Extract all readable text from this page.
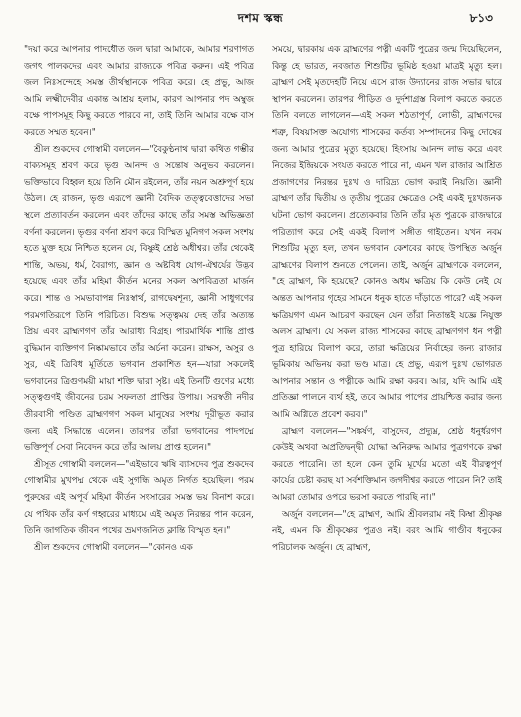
দশম স্কন্ধ	৮১৩

"দয়া করে আপনার পাদধৌত জল দ্বারা আমাকে, আমার শরণাগত জগৎ পালকদের এবং আমার রাজ্যকে পবিত্র করুন। এই পবিত্র জল নিঃসন্দেহে সমস্ত তীর্থস্থানকে পবিত্র করে। হে প্রভু, আজ আমি লক্ষ্মীদেবীর একান্ত আশ্রয় হলাম, কারণ আপনার পদ অম্বুজ বক্ষে পাপসমূহ কিছু করতে পারবে না, তাই তিনি আমার বক্ষে বাস করতে সম্মত হবেন।"

শ্রীল শুকদেব গোস্বামী বললেন—"বৈকুণ্ঠনাথ দ্বারা কথিত গম্ভীর বাক্যসমূহ শ্রবণ করে ভৃগু আনন্দ ও সন্তোষ অনুভব করলেন। ভক্তিভাবে বিহ্বল হয়ে তিনি মৌন রইলেন, তাঁর নয়ন অশ্রুপূর্ণ হয়ে উঠল। হে রাজন, ভৃগু এরূপে জ্ঞানী বৈদিক তত্ত্ববেত্তাদের সভা স্থলে প্রত্যাবর্তন করলেন এবং তাঁদের কাছে তাঁর সমস্ত অভিজ্ঞতা বর্ণনা করলেন। ভৃগুর বর্ণনা শ্রবণ করে বিস্মিত মুনিগণ সকল সংশয় হতে মুক্ত হয়ে নিশ্চিত হলেন যে, বিষ্ণুই শ্রেষ্ঠ অধীশ্বর। তাঁর থেকেই শান্তি, অভয়, ধর্ম, বৈরাগ্য, জ্ঞান ও অষ্টবিধ যোগ-ঐশ্বর্যের উদ্ভব হয়েছে এবং তাঁর মহিমা কীর্তন মনের সকল অপবিত্রতা মার্জন করে। শান্ত ও সমভাবাপন্ন নিঃস্বার্থ, রাগদ্বেষশূন্য, জ্ঞানী সাধুগণের পরমগতিরূপে তিনি পরিচিত। বিশুদ্ধ সত্ত্বময় দেহ তাঁর অত্যন্ত প্রিয় এবং ব্রাহ্মণগণ তাঁর আরাধ্য বিগ্রহ। পারমার্থিক শান্তি প্রাপ্ত বুদ্ধিমান ব্যক্তিগণ নিষ্কামভাবে তাঁর অর্চনা করেন। রাক্ষস, অসুর ও সুর, এই ত্রিবিধ মূর্তিতে ভগবান প্রকাশিত হন—যারা সকলেই ভগবানের ত্রিগুণময়ী মায়া শক্তি দ্বারা সৃষ্ট। এই তিনটি গুণের মধ্যে সত্ত্বগুণই জীবনের চরম সফলতা প্রাপ্তির উপায়। সরস্বতী নদীর তীরবাসী পণ্ডিত ব্রাহ্মণগণ সকল মানুষের সংশয় দূরীভূত করার জন্য এই সিদ্ধান্তে এলেন। তারপর তাঁরা ভগবানের পাদপদ্মে ভক্তিপূর্ণ সেবা নিবেদন করে তাঁর আলয় প্রাপ্ত হলেন।"

শ্রীসূত গোস্বামী বললেন—"এইভাবে ঋষি ব্যাসদেব পুত্র শুকদেব গোস্বামীর মুখপদ্ম থেকে এই সুগন্ধি অমৃত নির্গত হয়েছিল। পরম পুরুষের এই অপূর্ব মহিমা কীর্তন সংসারের সমস্ত ভয় বিনাশ করে। যে পথিক তাঁর কর্ণ গহ্বরের মাধ্যমে এই অমৃত নিরন্তর পান করেন, তিনি জাগতিক জীবন পথের ভ্রমণজনিত ক্লান্তি বিস্মৃত হন।"

শ্রীল শুকদেব গোস্বামী বললেন—"কোনও এক

সময়ে, দ্বারকায় এক ব্রাহ্মণের পত্নী একটি পুত্রের জন্ম দিয়েছিলেন, কিন্তু হে ভারত, নবজাত শিশুটির ভূমিষ্ঠ হওয়া মাত্রই মৃত্যু হল। ব্রাহ্মণ সেই মৃতদেহটি নিয়ে এসে রাজ উদ্যানের রাজ সভার দ্বারে স্থাপন করলেন। তারপর পীড়িত ও দুর্দশাগ্রস্ত বিলাপ করতে করতে তিনি বলতে লাগলেন—এই সকল শঠতাপূর্ণ, লোভী, ব্রাহ্মণদের শত্রু, বিষয়াসক্ত অযোগ্য শাসকের কর্তব্য সম্পাদনের কিছু দোষের জন্য আমার পুত্রের মৃত্যু হয়েছে। হিংসায় আনন্দ লাভ করে এবং নিজের ইন্দ্রিয়কে সংযত করতে পারে না, এমন খল রাজার আশ্রিত প্রজাগণের নিরন্তর দুঃখ ও দারিদ্র্য ভোগ করাই নিয়তি। জ্ঞানী ব্রাহ্মণ তাঁর দ্বিতীয় ও তৃতীয় পুত্রের ক্ষেত্রেও সেই একই দুঃখজনক ঘটনা ভোগ করলেন। প্রত্যেকবার তিনি তাঁর মৃত পুত্রকে রাজদ্বারে পরিত্যাগ করে সেই একই বিলাপ সঙ্গীত গাইতেন। যখন নবম শিশুটির মৃত্যু হল, তখন ভগবান কেশবের কাছে উপস্থিত অর্জুন ব্রাহ্মণের বিলাপ শুনতে পেলেন। তাই, অর্জুন ব্রাহ্মণকে বললেন, "হে ব্রাহ্মণ, কি হয়েছে? কোনও অধম ক্ষত্রিয় কি কেউ নেই যে অন্তত আপনার গৃহের সামনে ধনুক হাতে দাঁড়াতে পারে? এই সকল ক্ষত্রিয়গণ এমন আচরণ করছেন যেন তাঁরা নিতান্তই যজ্ঞে নিযুক্ত অলস ব্রাহ্মণ। যে সকল রাজ্য শাসকের কাছে ব্রাহ্মণগণ ধন পত্নী পুত্র হারিয়ে বিলাপ করে, তারা ক্ষত্রিয়ের নির্বাহের জন্য রাজার ভূমিকায় অভিনয় করা ভণ্ড মাত্র। হে প্রভু, এরূপ দুঃখ ভোগরত আপনার সন্তান ও পত্নীকে আমি রক্ষা করব। আর, যদি আমি এই প্রতিজ্ঞা পালনে ব্যর্থ হই, তবে আমার পাপের প্রায়শ্চিত্ত করার জন্য আমি অগ্নিতে প্রবেশ করব।"

ব্রাহ্মণ বললেন—"সঙ্কর্ষণ, বাসুদেব, প্রদ্যুম্ন, শ্রেষ্ঠ ধনুর্ধরগণ কেউই অথবা অপ্রতিদ্বন্দ্বী যোদ্ধা অনিরুদ্ধ আমার পুত্রগণকে রক্ষা করতে পারেনি। তা হলে কেন তুমি মূর্খের মতো এই বীরত্বপূর্ণ কার্যের চেষ্টা করছ যা সর্বশক্তিমান জগদীশ্বর করতে পারেন নি? তাই আমরা তোমার ওপরে ভরসা করতে পারছি না।"

অর্জুন বললেন—"হে ব্রাহ্মণ, আমি শ্রীবলরাম নই কিম্বা শ্রীকৃষ্ণ নই, এমন কি শ্রীকৃষ্ণের পুত্রও নই। বরং আমি গাণ্ডীব ধনুকের পরিচালক অর্জুন। হে ব্রাহ্মণ,
